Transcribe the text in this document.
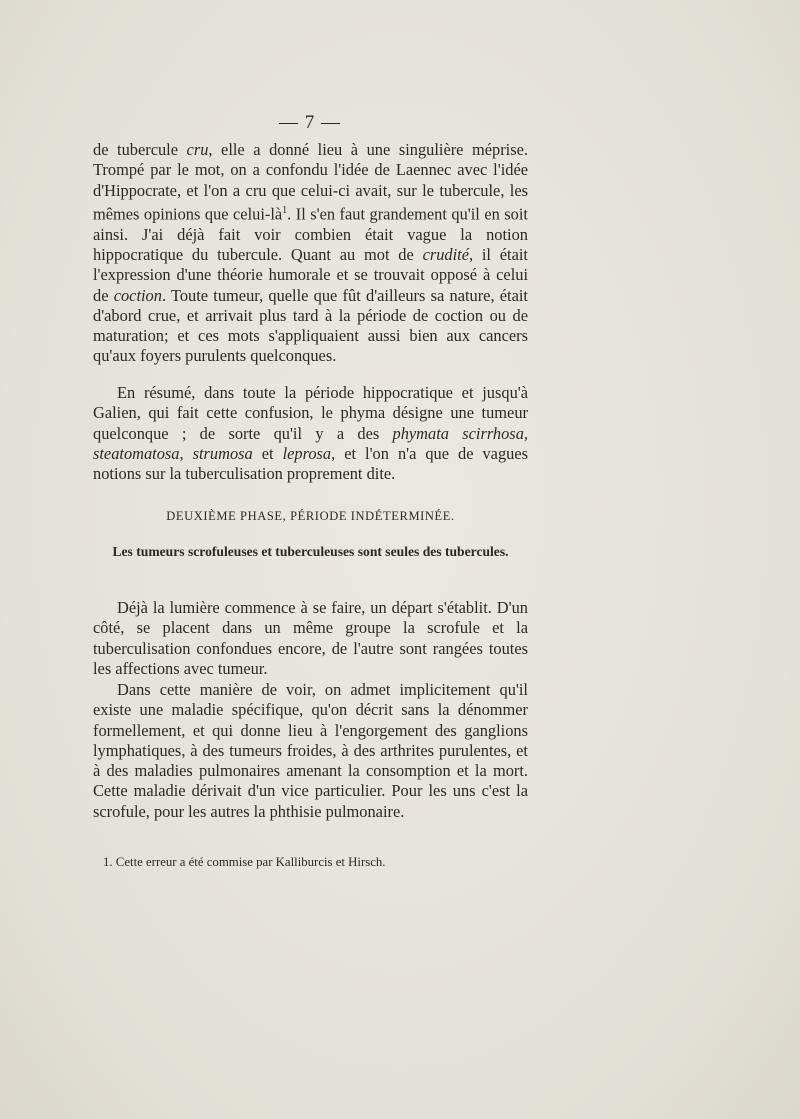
— 7 —

de tubercule cru, elle a donné lieu à une singulière méprise. Trompé par le mot, on a confondu l'idée de Laennec avec l'idée d'Hippocrate, et l'on a cru que celui-ci avait, sur le tubercule, les mêmes opinions que celui-$là^1$. Il s'en faut grandement qu'il en soit ainsi. J'ai déjà fait voir combien était vague la notion hippocratique du tubercule. Quant au mot de crudité, il était l'expression d'une théorie humorale et se trouvait opposé à celui de coction. Toute tumeur, quelle que fût d'ailleurs sa nature, était d'abord crue, et arrivait plus tard à la période de coction ou de maturation; et ces mots s'appliquaient aussi bien aux cancers qu'aux foyers purulents quelconques.

En résumé, dans toute la période hippocratique et jusqu'à Galien, qui fait cette confusion, le phyma désigne une tumeur quelconque ; de sorte qu'il y a des phymata scirrhosa, steatomatosa, strumosa et leprosa, et l'on n'a que de vagues notions sur la tuberculisation proprement dite.

DEUXIÈME PHASE, PÉRIODE INDÉTERMINÉE.
Les tumeurs scrofuleuses et tuberculeuses sont seules des tubercules.

Déjà la lumière commence à se faire, un départ s'établit. D'un côté, se placent dans un même groupe la scrofule et la tuberculisation confondues encore, de l'autre sont rangées toutes les affections avec tumeur.

Dans cette manière de voir, on admet implicitement qu'il existe une maladie spécifique, qu'on décrit sans la dénommer formellement, et qui donne lieu à l'engorgement des ganglions lymphatiques, à des tumeurs froides, à des arthrites purulentes, et à des maladies pulmonaires amenant la consomption et la mort. Cette maladie dérivait d'un vice particulier. Pour les uns c'est la scrofule, pour les autres la phthisie pulmonaire.

1. Cette erreur a été commise par Kalliburcis et Hirsch.
